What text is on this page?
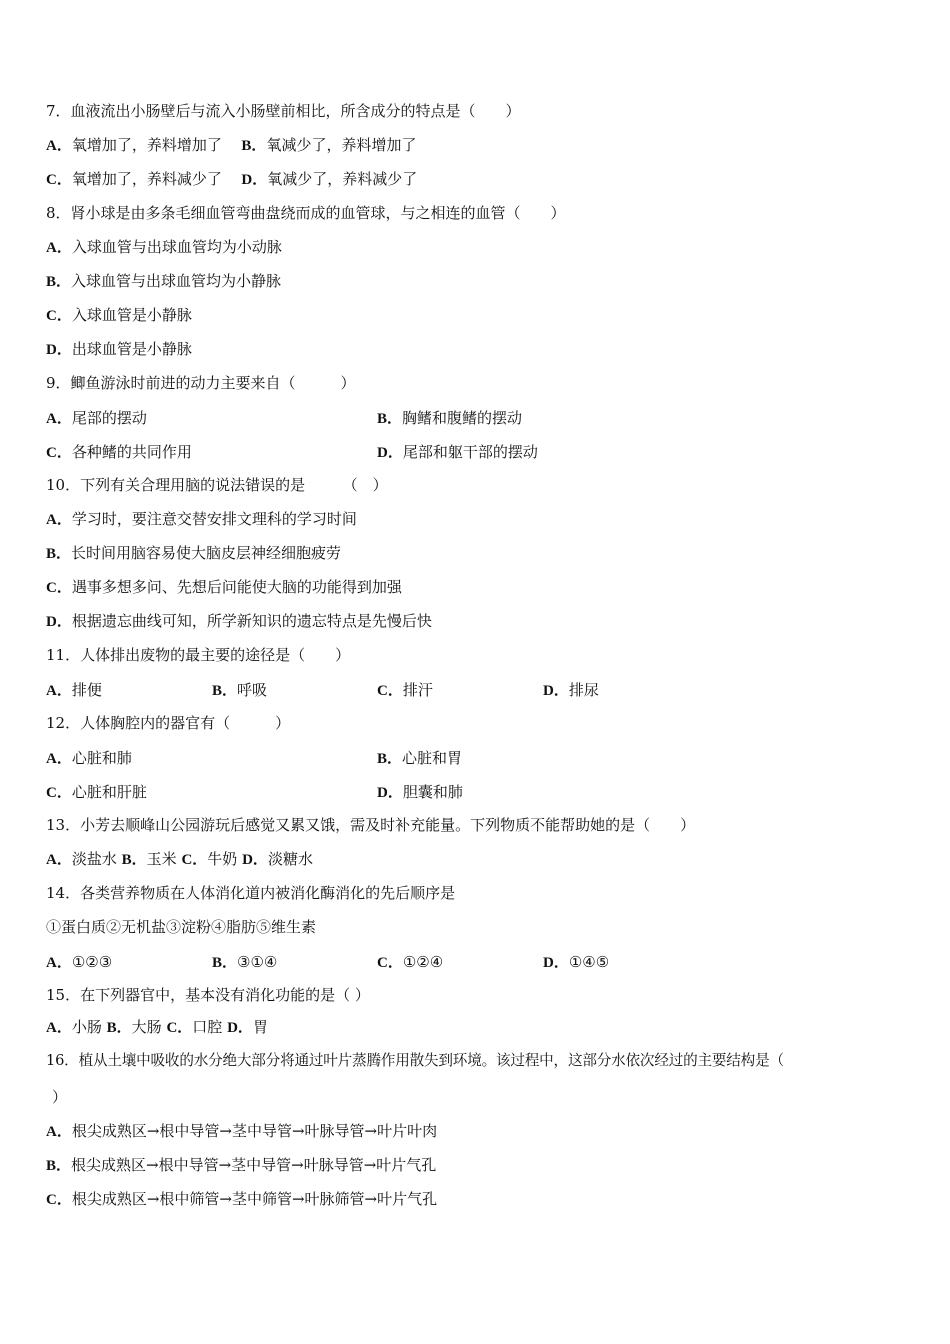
7．血液流出小肠壁后与流入小肠壁前相比，所含成分的特点是（　　）
A．氧增加了，养料增加了 B．氧减少了，养料增加了
C．氧增加了，养料减少了 D．氧减少了，养料减少了
8．肾小球是由多条毛细血管弯曲盘绕而成的血管球，与之相连的血管（　　）
A．入球血管与出球血管均为小动脉
B．入球血管与出球血管均为小静脉
C．入球血管是小静脉
D．出球血管是小静脉
9．鲫鱼游泳时前进的动力主要来自（　　　）
A．尾部的摆动	B．胸鳍和腹鳍的摆动
C．各种鳍的共同作用	D．尾部和躯干部的摆动
10．下列有关合理用脑的说法错误的是　　　（　）
A．学习时，要注意交替安排文理科的学习时间
B．长时间用脑容易使大脑皮层神经细胞疲劳
C．遇事多想多问、先想后问能使大脑的功能得到加强
D．根据遗忘曲线可知，所学新知识的遗忘特点是先慢后快
11．人体排出废物的最主要的途径是（　　）
A．排便	B．呼吸	C．排汗	D．排尿
12．人体胸腔内的器官有（　　　）
A．心脏和肺	B．心脏和胃
C．心脏和肝脏	D．胆囊和肺
13．小芳去顺峰山公园游玩后感觉又累又饿，需及时补充能量。下列物质不能帮助她的是（　　）
A．淡盐水 B．玉米 C．牛奶 D．淡糖水
14．各类营养物质在人体消化道内被消化酶消化的先后顺序是
①蛋白质②无机盐③淀粉④脂肪⑤维生素
A．①②③	B．③①④	C．①②④	D．①④⑤
15．在下列器官中，基本没有消化功能的是（ ）
A．小肠 B．大肠 C．口腔 D．胃
16．植从土壤中吸收的水分绝大部分将通过叶片蒸腾作用散失到环境。该过程中，这部分水依次经过的主要结构是（
）
A．根尖成熟区→根中导管→茎中导管→叶脉导管→叶片叶肉
B．根尖成熟区→根中导管→茎中导管→叶脉导管→叶片气孔
C．根尖成熟区→根中筛管→茎中筛管→叶脉筛管→叶片气孔
